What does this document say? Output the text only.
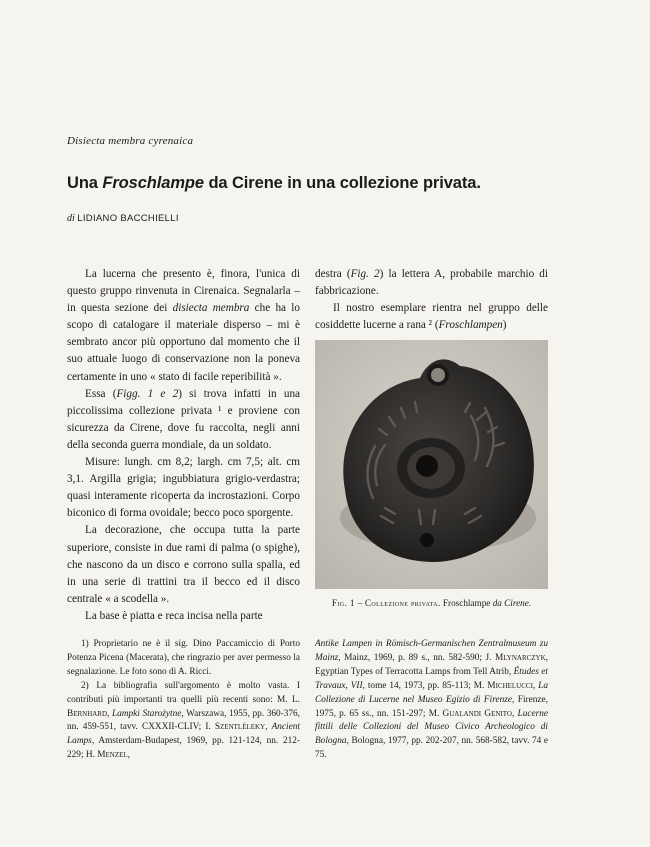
Disiecta membra cyrenaica
Una Froschlampe da Cirene in una collezione privata.
di LIDIANO BACCHIELLI

La lucerna che presento è, finora, l'unica di questo gruppo rinvenuta in Cirenaica. Segnalarla – in questa sezione dei disiecta membra che ha lo scopo di catalogare il materiale disperso – mi è sembrato ancor più opportuno dal momento che il suo attuale luogo di conservazione non la poneva certamente in uno « stato di facile reperibilità ».

Essa (Figg. 1 e 2) si trova infatti in una piccolissima collezione privata ¹ e proviene con sicurezza da Cirene, dove fu raccolta, negli anni della seconda guerra mondiale, da un soldato.

Misure: lungh. cm 8,2; largh. cm 7,5; alt. cm 3,1. Argilla grigia; ingubbiatura grigio-verdastra; quasi interamente ricoperta da incrostazioni. Corpo biconico di forma ovoidale; becco poco sporgente.

La decorazione, che occupa tutta la parte superiore, consiste in due rami di palma (o spighe), che nascono da un disco e corrono sulla spalla, ed in una serie di trattini tra il becco ed il disco centrale « a scodella ».

La base è piatta e reca incisa nella parte

destra (Fig. 2) la lettera A, probabile marchio di fabbricazione.

Il nostro esemplare rientra nel gruppo delle cosiddette lucerne a rana ² (Froschlampen)

Fig. 1 – Collezione privata. Froschlampe da Cirene.

1) Proprietario ne è il sig. Dino Paccamiccio di Porto Potenza Picena (Macerata), che ringrazio per aver permesso la segnalazione. Le foto sono di A. Ricci.

2) La bibliografia sull'argomento è molto vasta. I contributi più importanti tra quelli più recenti sono: M. L. Bernhard, Lampki Starożytne, Warszawa, 1955, pp. 360-376, nn. 459-551, tavv. CXXXII-CLIV; I. Szentléleky, Ancient Lamps, Amsterdam-Budapest, 1969, pp. 121-124, nn. 212-229; H. Menzel,

Antike Lampen in Römisch-Germanischen Zentralmuseum zu Mainz, Mainz, 1969, p. 89 s., nn. 582-590; J. Mlynarczyk, Egyptian Types of Terracotta Lamps from Tell Atrib, Études et Travaux, VII, tome 14, 1973, pp. 85-113; M. Michelucci, La Collezione di Lucerne nel Museo Egizio di Firenze, Firenze, 1975, p. 65 ss., nn. 151-297; M. Gualandi Genito, Lucerne fittili delle Collezioni del Museo Civico Archeologico di Bologna, Bologna, 1977, pp. 202-207, nn. 568-582, tavv. 74 e 75.
